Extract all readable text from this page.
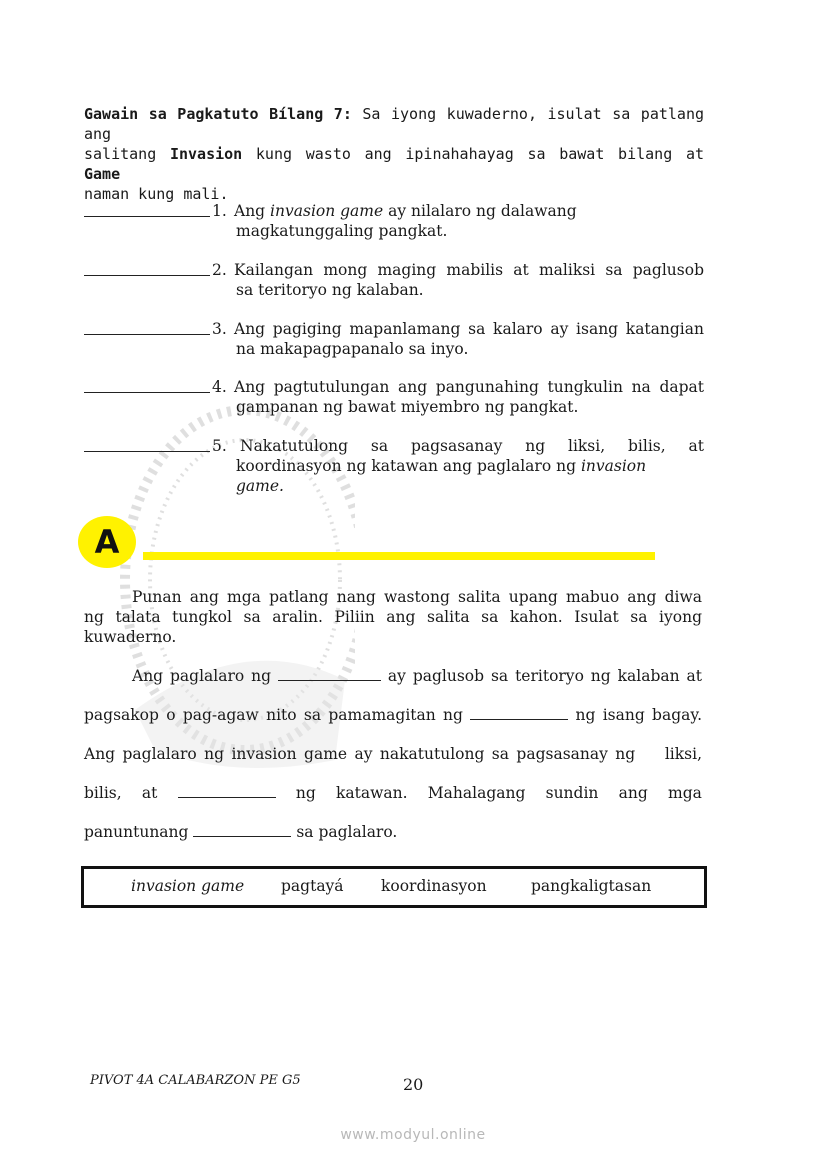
Gawain sa Pagkatuto Bílang 7: Sa iyong kuwaderno, isulat sa patlang ang
salitang Invasion kung wasto ang ipinahahayag sa bawat bilang at Game
naman kung mali.
1. Ang invasion game ay nilalaro ng dalawang
magkatunggaling pangkat.
2. Kailangan mong maging mabilis at maliksi sa paglusob
sa teritoryo ng kalaban.
3. Ang pagiging mapanlamang sa kalaro ay isang katangian
na makapagpapanalo sa inyo.
4. Ang pagtutulungan ang pangunahing tungkulin na dapat
gampanan ng bawat miyembro ng pangkat.
5. Nakatutulong sa pagsasanay ng liksi, bilis, at
koordinasyon ng katawan ang paglalaro ng invasion
game.
A
Punan ang mga patlang nang wastong salita upang mabuo ang diwa
ng talata tungkol sa aralin. Piliin ang salita sa kahon. Isulat sa iyong
kuwaderno.
Ang paglalaro ng	ay paglusob sa teritoryo ng kalaban at
pagsakop o pag-agaw nito sa pamamagitan ng	ng isang bagay.
Ang paglalaro ng invasion game ay nakatutulong sa pagsasanay ng    liksi,
bilis, at	ng katawan. Mahalagang sundin ang mga
panuntunang	sa paglalaro.
invasion game pagtayá koordinasyon	pangkaligtasan
PIVOT 4A CALABARZON PE G5	20
www.modyul.online
